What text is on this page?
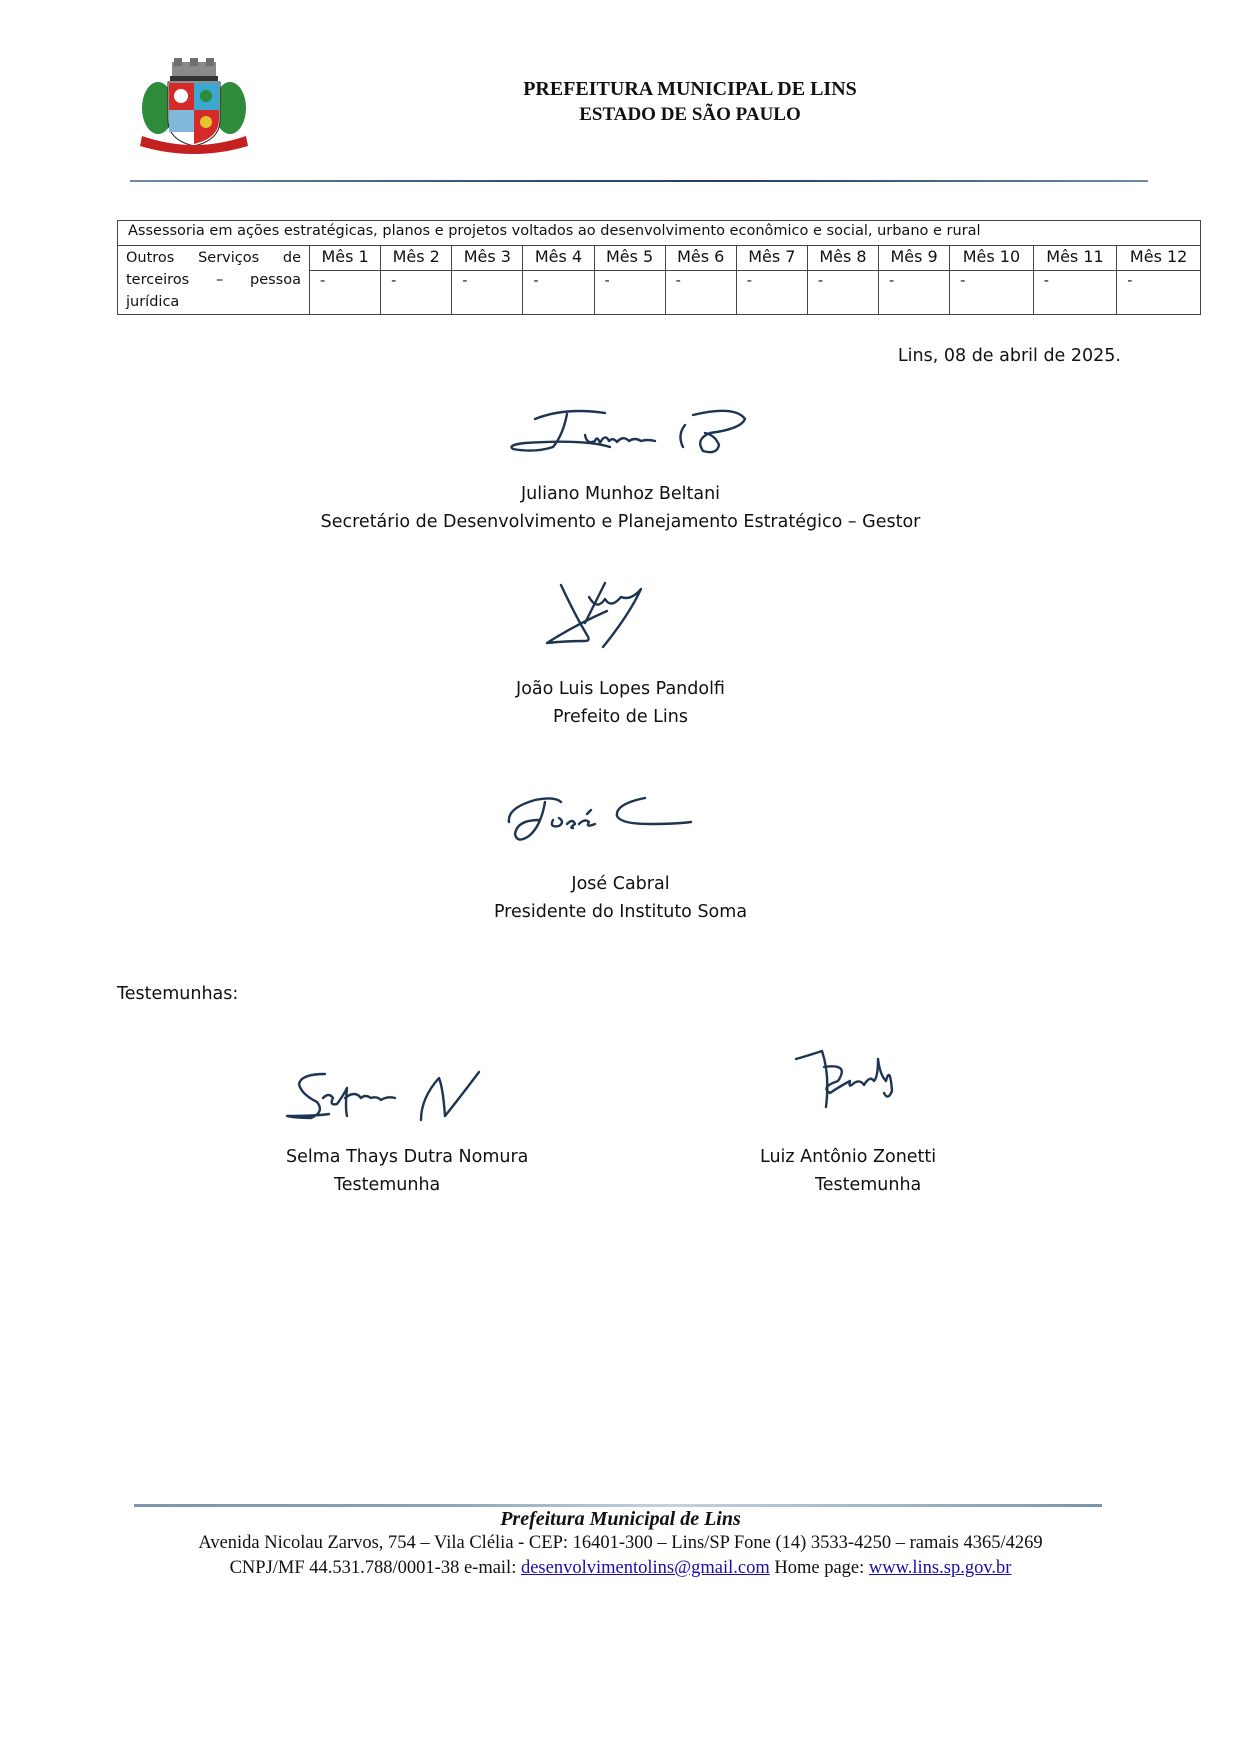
PREFEITURA MUNICIPAL DE LINS
ESTADO DE SÃO PAULO
Assessoria em ações estratégicas, planos e projetos voltados ao desenvolvimento econômico e social, urbano e rural												

Outros Serviços de
terceiros – pessoa
jurídica	Mês 1	Mês 2	Mês 3	Mês 4	Mês 5	Mês 6	Mês 7	Mês 8	Mês 9	Mês 10	Mês 11	Mês 12
	-	-	-	-	-	-	-	-	-	-	-	-
Lins, 08 de abril de 2025.
Juliano Munhoz Beltani
Secretário de Desenvolvimento e Planejamento Estratégico – Gestor
João Luis Lopes Pandolfi
Prefeito de Lins
José Cabral
Presidente do Instituto Soma
Testemunhas:
Selma Thays Dutra Nomura
Testemunha
Luiz Antônio Zonetti
Testemunha
Prefeitura Municipal de Lins
Avenida Nicolau Zarvos, 754 – Vila Clélia - CEP: 16401-300 – Lins/SP Fone (14) 3533-4250 – ramais 4365/4269
CNPJ/MF 44.531.788/0001-38 e-mail: desenvolvimentolins@gmail.com Home page: www.lins.sp.gov.br
